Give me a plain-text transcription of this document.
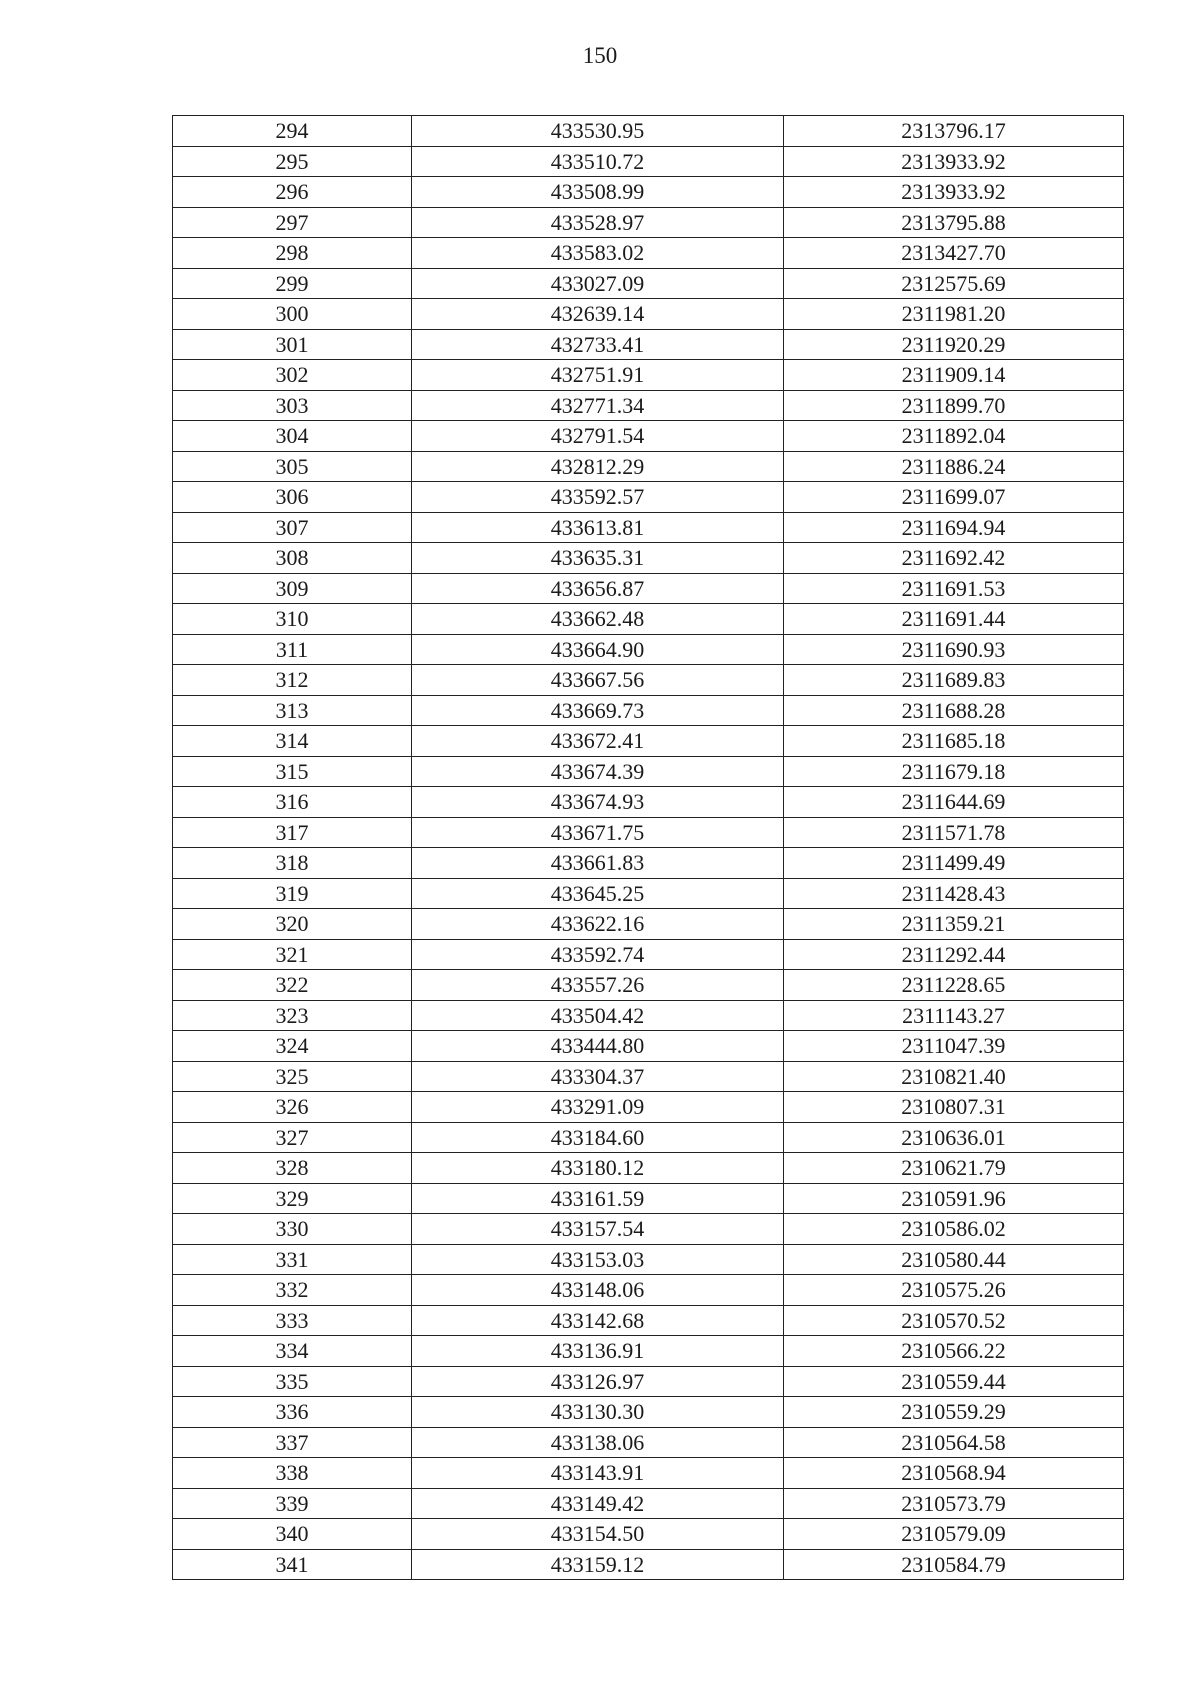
150
294	433530.95	2313796.17
295	433510.72	2313933.92
296	433508.99	2313933.92
297	433528.97	2313795.88
298	433583.02	2313427.70
299	433027.09	2312575.69
300	432639.14	2311981.20
301	432733.41	2311920.29
302	432751.91	2311909.14
303	432771.34	2311899.70
304	432791.54	2311892.04
305	432812.29	2311886.24
306	433592.57	2311699.07
307	433613.81	2311694.94
308	433635.31	2311692.42
309	433656.87	2311691.53
310	433662.48	2311691.44
311	433664.90	2311690.93
312	433667.56	2311689.83
313	433669.73	2311688.28
314	433672.41	2311685.18
315	433674.39	2311679.18
316	433674.93	2311644.69
317	433671.75	2311571.78
318	433661.83	2311499.49
319	433645.25	2311428.43
320	433622.16	2311359.21
321	433592.74	2311292.44
322	433557.26	2311228.65
323	433504.42	2311143.27
324	433444.80	2311047.39
325	433304.37	2310821.40
326	433291.09	2310807.31
327	433184.60	2310636.01
328	433180.12	2310621.79
329	433161.59	2310591.96
330	433157.54	2310586.02
331	433153.03	2310580.44
332	433148.06	2310575.26
333	433142.68	2310570.52
334	433136.91	2310566.22
335	433126.97	2310559.44
336	433130.30	2310559.29
337	433138.06	2310564.58
338	433143.91	2310568.94
339	433149.42	2310573.79
340	433154.50	2310579.09
341	433159.12	2310584.79
